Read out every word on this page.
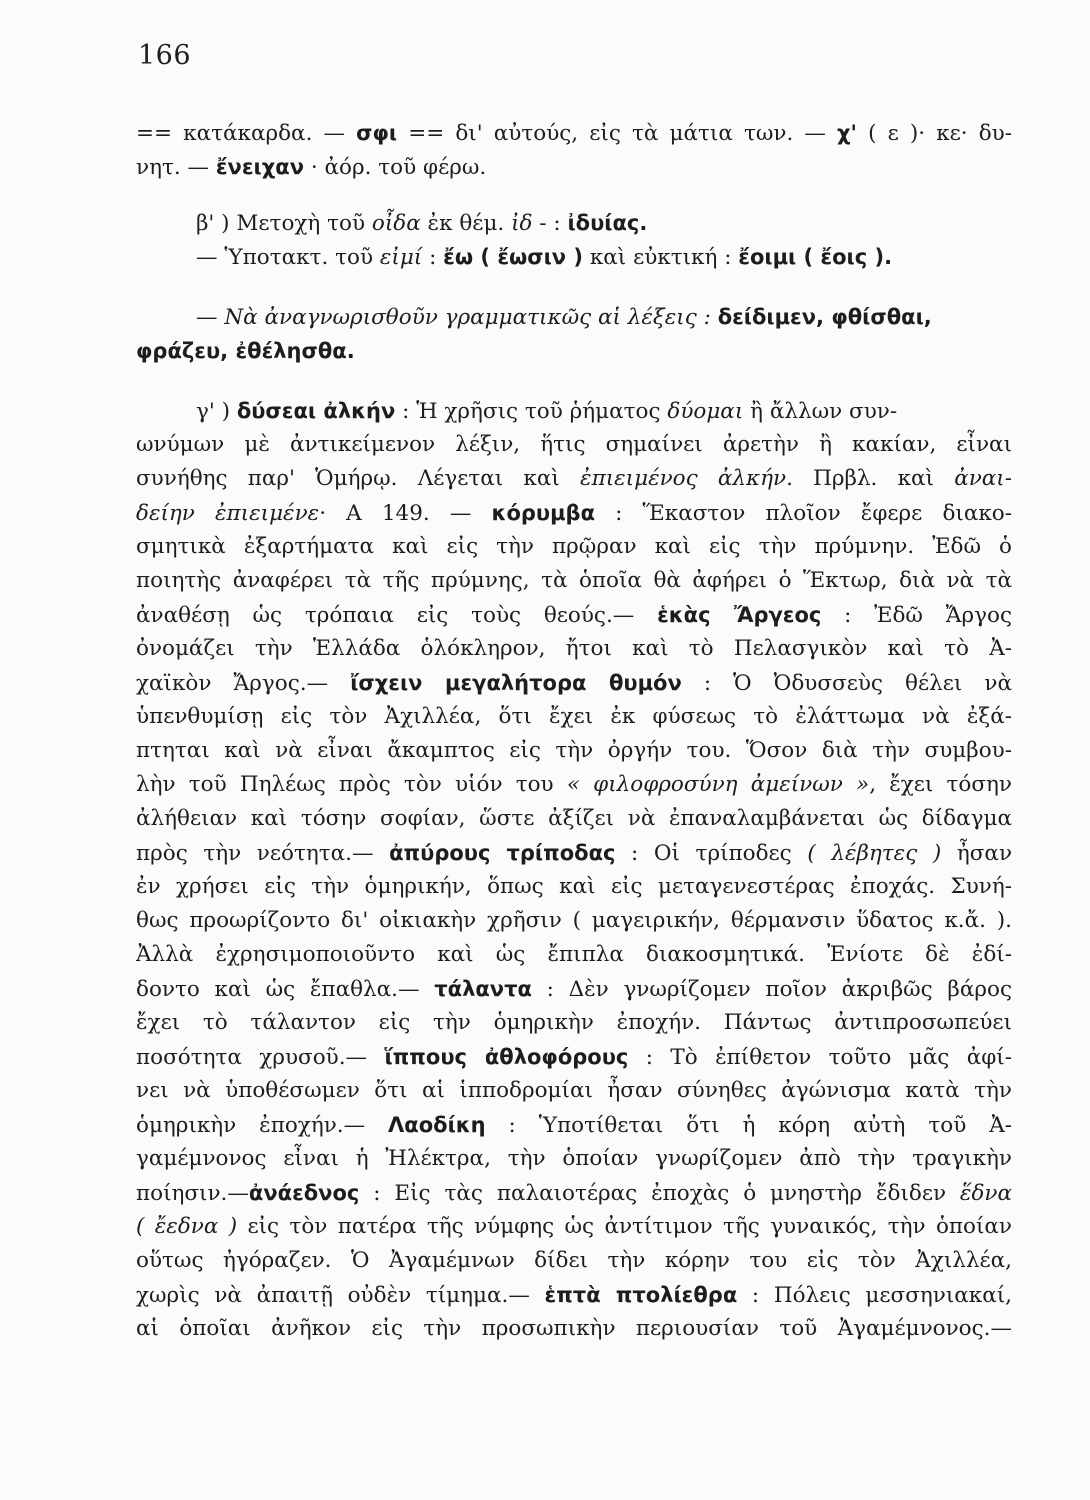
166
== κατάκαρδα. — σφι == δι' αὐτούς, εἰς τὰ μάτια των. — χ' ( ε )· κε· δυ-
νητ. — ἔνειχαν · ἀόρ. τοῦ φέρω.
β' ) Μετοχὴ τοῦ οἶδα ἐκ θέμ. ἰδ - : ἰδυίας.
— Ὑποτακτ. τοῦ εἰμί : ἔω ( ἔωσιν ) καὶ εὐκτική : ἔοιμι ( ἔοις ).
— Νὰ ἀναγνωρισθοῦν γραμματικῶς αἱ λέξεις : δείδιμεν, φθίσθαι,
φράζευ, ἐθέλησθα.
γ' ) δύσεαι ἀλκήν : Ἡ χρῆσις τοῦ ῥήματος δύομαι ἢ ἄλλων συν-
ωνύμων μὲ ἀντικείμενον λέξιν, ἥτις σημαίνει ἀρετὴν ἢ κακίαν, εἶναι
συνήθης παρ' Ὁμήρῳ. Λέγεται καὶ ἐπιειμένος ἀλκήν. Πρβλ. καὶ ἀναι-
δείην ἐπιειμένε· Α 149. — κόρυμβα : Ἕκαστον πλοῖον ἔφερε διακο-
σμητικὰ ἐξαρτήματα καὶ εἰς τὴν πρῷραν καὶ εἰς τὴν πρύμνην. Ἐδῶ ὁ
ποιητὴς ἀναφέρει τὰ τῆς πρύμνης, τὰ ὁποῖα θὰ ἀφήρει ὁ Ἕκτωρ, διὰ νὰ τὰ
ἀναθέσῃ ὡς τρόπαια εἰς τοὺς θεούς.— ἑκὰς Ἄργεος : Ἐδῶ Ἄργος
ὀνομάζει τὴν Ἑλλάδα ὁλόκληρον, ἤτοι καὶ τὸ Πελασγικὸν καὶ τὸ Ἀ-
χαϊκὸν Ἄργος.— ἴσχειν μεγαλήτορα θυμόν : Ὁ Ὀδυσσεὺς θέλει νὰ
ὑπενθυμίσῃ εἰς τὸν Ἀχιλλέα, ὅτι ἔχει ἐκ φύσεως τὸ ἐλάττωμα νὰ ἐξά-
πτηται καὶ νὰ εἶναι ἄκαμπτος εἰς τὴν ὀργήν του. Ὅσον διὰ τὴν συμβου-
λὴν τοῦ Πηλέως πρὸς τὸν υἱόν του « φιλοφροσύνη ἀμείνων », ἔχει τόσην
ἀλήθειαν καὶ τόσην σοφίαν, ὥστε ἀξίζει νὰ ἐπαναλαμβάνεται ὡς δίδαγμα
πρὸς τὴν νεότητα.— ἀπύρους τρίποδας : Οἱ τρίποδες ( λέβητες ) ἦσαν
ἐν χρήσει εἰς τὴν ὁμηρικήν, ὅπως καὶ εἰς μεταγενεστέρας ἐποχάς. Συνή-
θως προωρίζοντο δι' οἰκιακὴν χρῆσιν ( μαγειρικήν, θέρμανσιν ὕδατος κ.ἄ. ).
Ἀλλὰ ἐχρησιμοποιοῦντο καὶ ὡς ἔπιπλα διακοσμητικά. Ἐνίοτε δὲ ἐδί-
δοντο καὶ ὡς ἔπαθλα.— τάλαντα : Δὲν γνωρίζομεν ποῖον ἀκριβῶς βάρος
ἔχει τὸ τάλαντον εἰς τὴν ὁμηρικὴν ἐποχήν. Πάντως ἀντιπροσωπεύει
ποσότητα χρυσοῦ.— ἵππους ἀθλοφόρους : Τὸ ἐπίθετον τοῦτο μᾶς ἀφί-
νει νὰ ὑποθέσωμεν ὅτι αἱ ἱπποδρομίαι ἦσαν σύνηθες ἀγώνισμα κατὰ τὴν
ὁμηρικὴν ἐποχήν.— Λαοδίκη : Ὑποτίθεται ὅτι ἡ κόρη αὐτὴ τοῦ Ἀ-
γαμέμνονος εἶναι ἡ Ἠλέκτρα, τὴν ὁποίαν γνωρίζομεν ἀπὸ τὴν τραγικὴν
ποίησιν.—ἀνάεδνος : Εἰς τὰς παλαιοτέρας ἐποχὰς ὁ μνηστὴρ ἔδιδεν ἕδνα
( ἔεδνα ) εἰς τὸν πατέρα τῆς νύμφης ὡς ἀντίτιμον τῆς γυναικός, τὴν ὁποίαν
οὕτως ἠγόραζεν. Ὁ Ἀγαμέμνων δίδει τὴν κόρην του εἰς τὸν Ἀχιλλέα,
χωρὶς νὰ ἀπαιτῇ οὐδὲν τίμημα.— ἑπτὰ πτολίεθρα : Πόλεις μεσσηνιακαί,
αἱ ὁποῖαι ἀνῆκον εἰς τὴν προσωπικὴν περιουσίαν τοῦ Ἀγαμέμνονος.—
